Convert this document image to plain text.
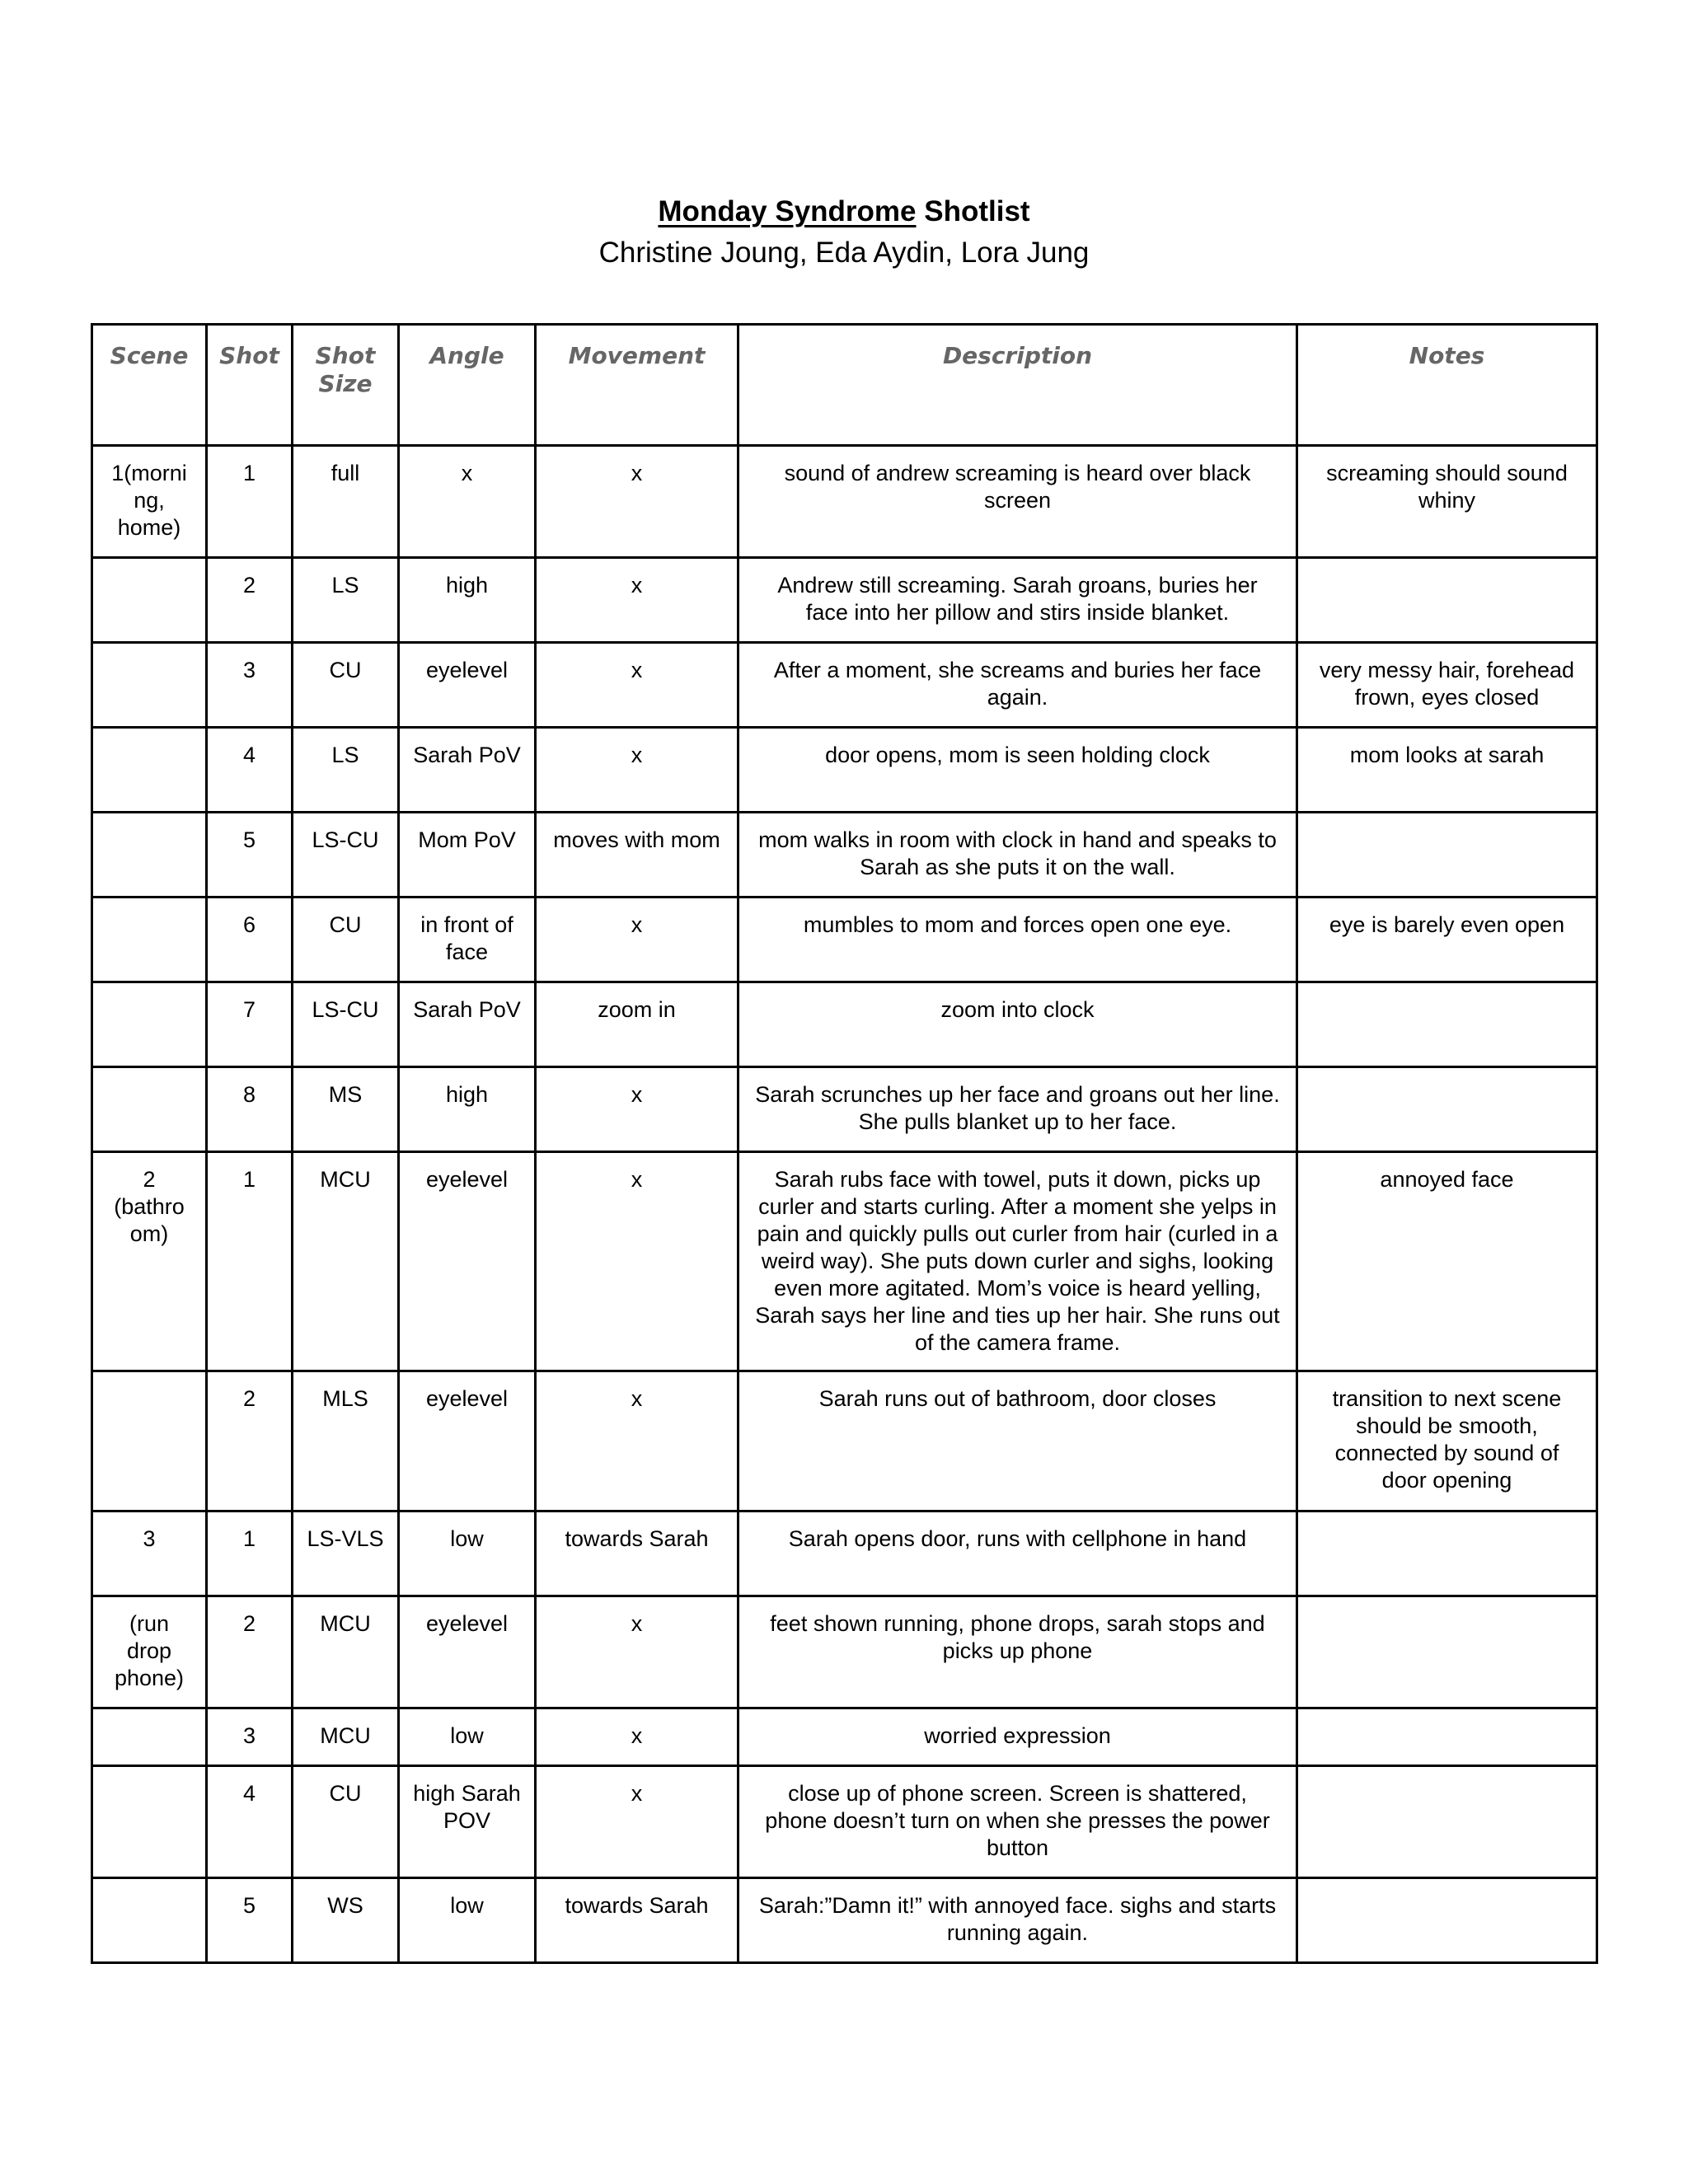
Monday Syndrome Shotlist
Christine Joung, Eda Aydin, Lora Jung
Scene	Shot	Shot Size	Angle	Movement	Description	Notes
1(morning, home)	1	full	x	x	sound of andrew screaming is heard over black screen	screaming should sound whiny
	2	LS	high	x	Andrew still screaming. Sarah groans, buries her face into her pillow and stirs inside blanket.	
	3	CU	eyelevel	x	After a moment, she screams and buries her face again.	very messy hair, forehead frown, eyes closed
	4	LS	Sarah PoV	x	door opens, mom is seen holding clock	mom looks at sarah
	5	LS-CU	Mom PoV	moves with mom	mom walks in room with clock in hand and speaks to Sarah as she puts it on the wall.	
	6	CU	in front of face	x	mumbles to mom and forces open one eye.	eye is barely even open
	7	LS-CU	Sarah PoV	zoom in	zoom into clock	
	8	MS	high	x	Sarah scrunches up her face and groans out her line. She pulls blanket up to her face.	
2 (bathroom)	1	MCU	eyelevel	x	Sarah rubs face with towel, puts it down, picks up curler and starts curling. After a moment she yelps in pain and quickly pulls out curler from hair (curled in a weird way). She puts down curler and sighs, looking even more agitated. Mom’s voice is heard yelling, Sarah says her line and ties up her hair. She runs out of the camera frame.	annoyed face
	2	MLS	eyelevel	x	Sarah runs out of bathroom, door closes	transition to next scene should be smooth, connected by sound of door opening
3	1	LS-VLS	low	towards Sarah	Sarah opens door, runs with cellphone in hand	
(run drop phone)	2	MCU	eyelevel	x	feet shown running, phone drops, sarah stops and picks up phone	
	3	MCU	low	x	worried expression	
	4	CU	high Sarah POV	x	close up of phone screen. Screen is shattered, phone doesn’t turn on when she presses the power button	
	5	WS	low	towards Sarah	Sarah:”Damn it!” with annoyed face. sighs and starts running again.	
